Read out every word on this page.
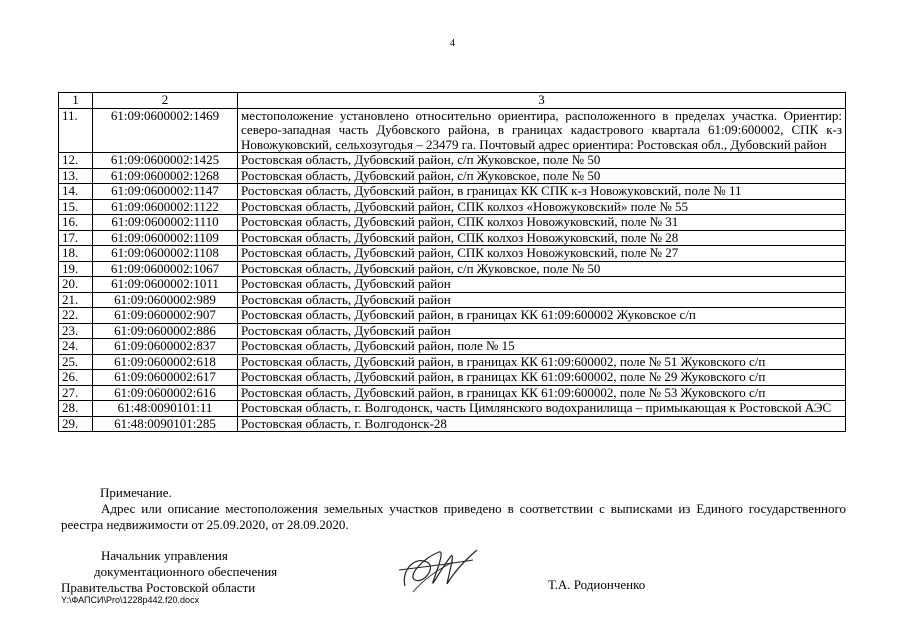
4
1	2	3
11.	61:09:0600002:1469	местоположение установлено относительно ориентира, расположенного в пределах участка. Ориентир: северо-западная часть Дубовского района, в границах кадастрового квартала 61:09:600002, СПК к-з Новожуковский, сельхозугодья – 23479 га. Почтовый адрес ориентира: Ростовская обл., Дубовский район
12.	61:09:0600002:1425	Ростовская область, Дубовский район, с/п Жуковское, поле № 50
13.	61:09:0600002:1268	Ростовская область, Дубовский район, с/п Жуковское, поле № 50
14.	61:09:0600002:1147	Ростовская область, Дубовский район, в границах КК СПК к-з Новожуковский, поле № 11
15.	61:09:0600002:1122	Ростовская область, Дубовский район, СПК колхоз «Новожуковский» поле № 55
16.	61:09:0600002:1110	Ростовская область, Дубовский район, СПК колхоз Новожуковский, поле № 31
17.	61:09:0600002:1109	Ростовская область, Дубовский район, СПК колхоз Новожуковский, поле № 28
18.	61:09:0600002:1108	Ростовская область, Дубовский район, СПК колхоз Новожуковский, поле № 27
19.	61:09:0600002:1067	Ростовская область, Дубовский район, с/п Жуковское, поле № 50
20.	61:09:0600002:1011	Ростовская область, Дубовский район
21.	61:09:0600002:989	Ростовская область, Дубовский район
22.	61:09:0600002:907	Ростовская область, Дубовский район, в границах КК 61:09:600002 Жуковское с/п
23.	61:09:0600002:886	Ростовская область, Дубовский район
24.	61:09:0600002:837	Ростовская область, Дубовский район, поле № 15
25.	61:09:0600002:618	Ростовская область, Дубовский район, в границах КК 61:09:600002, поле № 51 Жуковского с/п
26.	61:09:0600002:617	Ростовская область, Дубовский район, в границах КК 61:09:600002, поле № 29 Жуковского с/п
27.	61:09:0600002:616	Ростовская область, Дубовский район, в границах КК 61:09:600002, поле № 53 Жуковского с/п
28.	61:48:0090101:11	Ростовская область, г. Волгодонск, часть Цимлянского водохранилища – примыкающая к Ростовской АЭС
29.	61:48:0090101:285	Ростовская область, г. Волгодонск-28
Примечание.
Адрес или описание местоположения земельных участков приведено в соответствии с выписками из Единого государственного реестра недвижимости от 25.09.2020, от 28.09.2020.
Начальник управления
документационного обеспечения
Правительства Ростовской области	Т.А. Родионченко
Y:\ФАПСИ\Pro\1228р442.f20.docx
